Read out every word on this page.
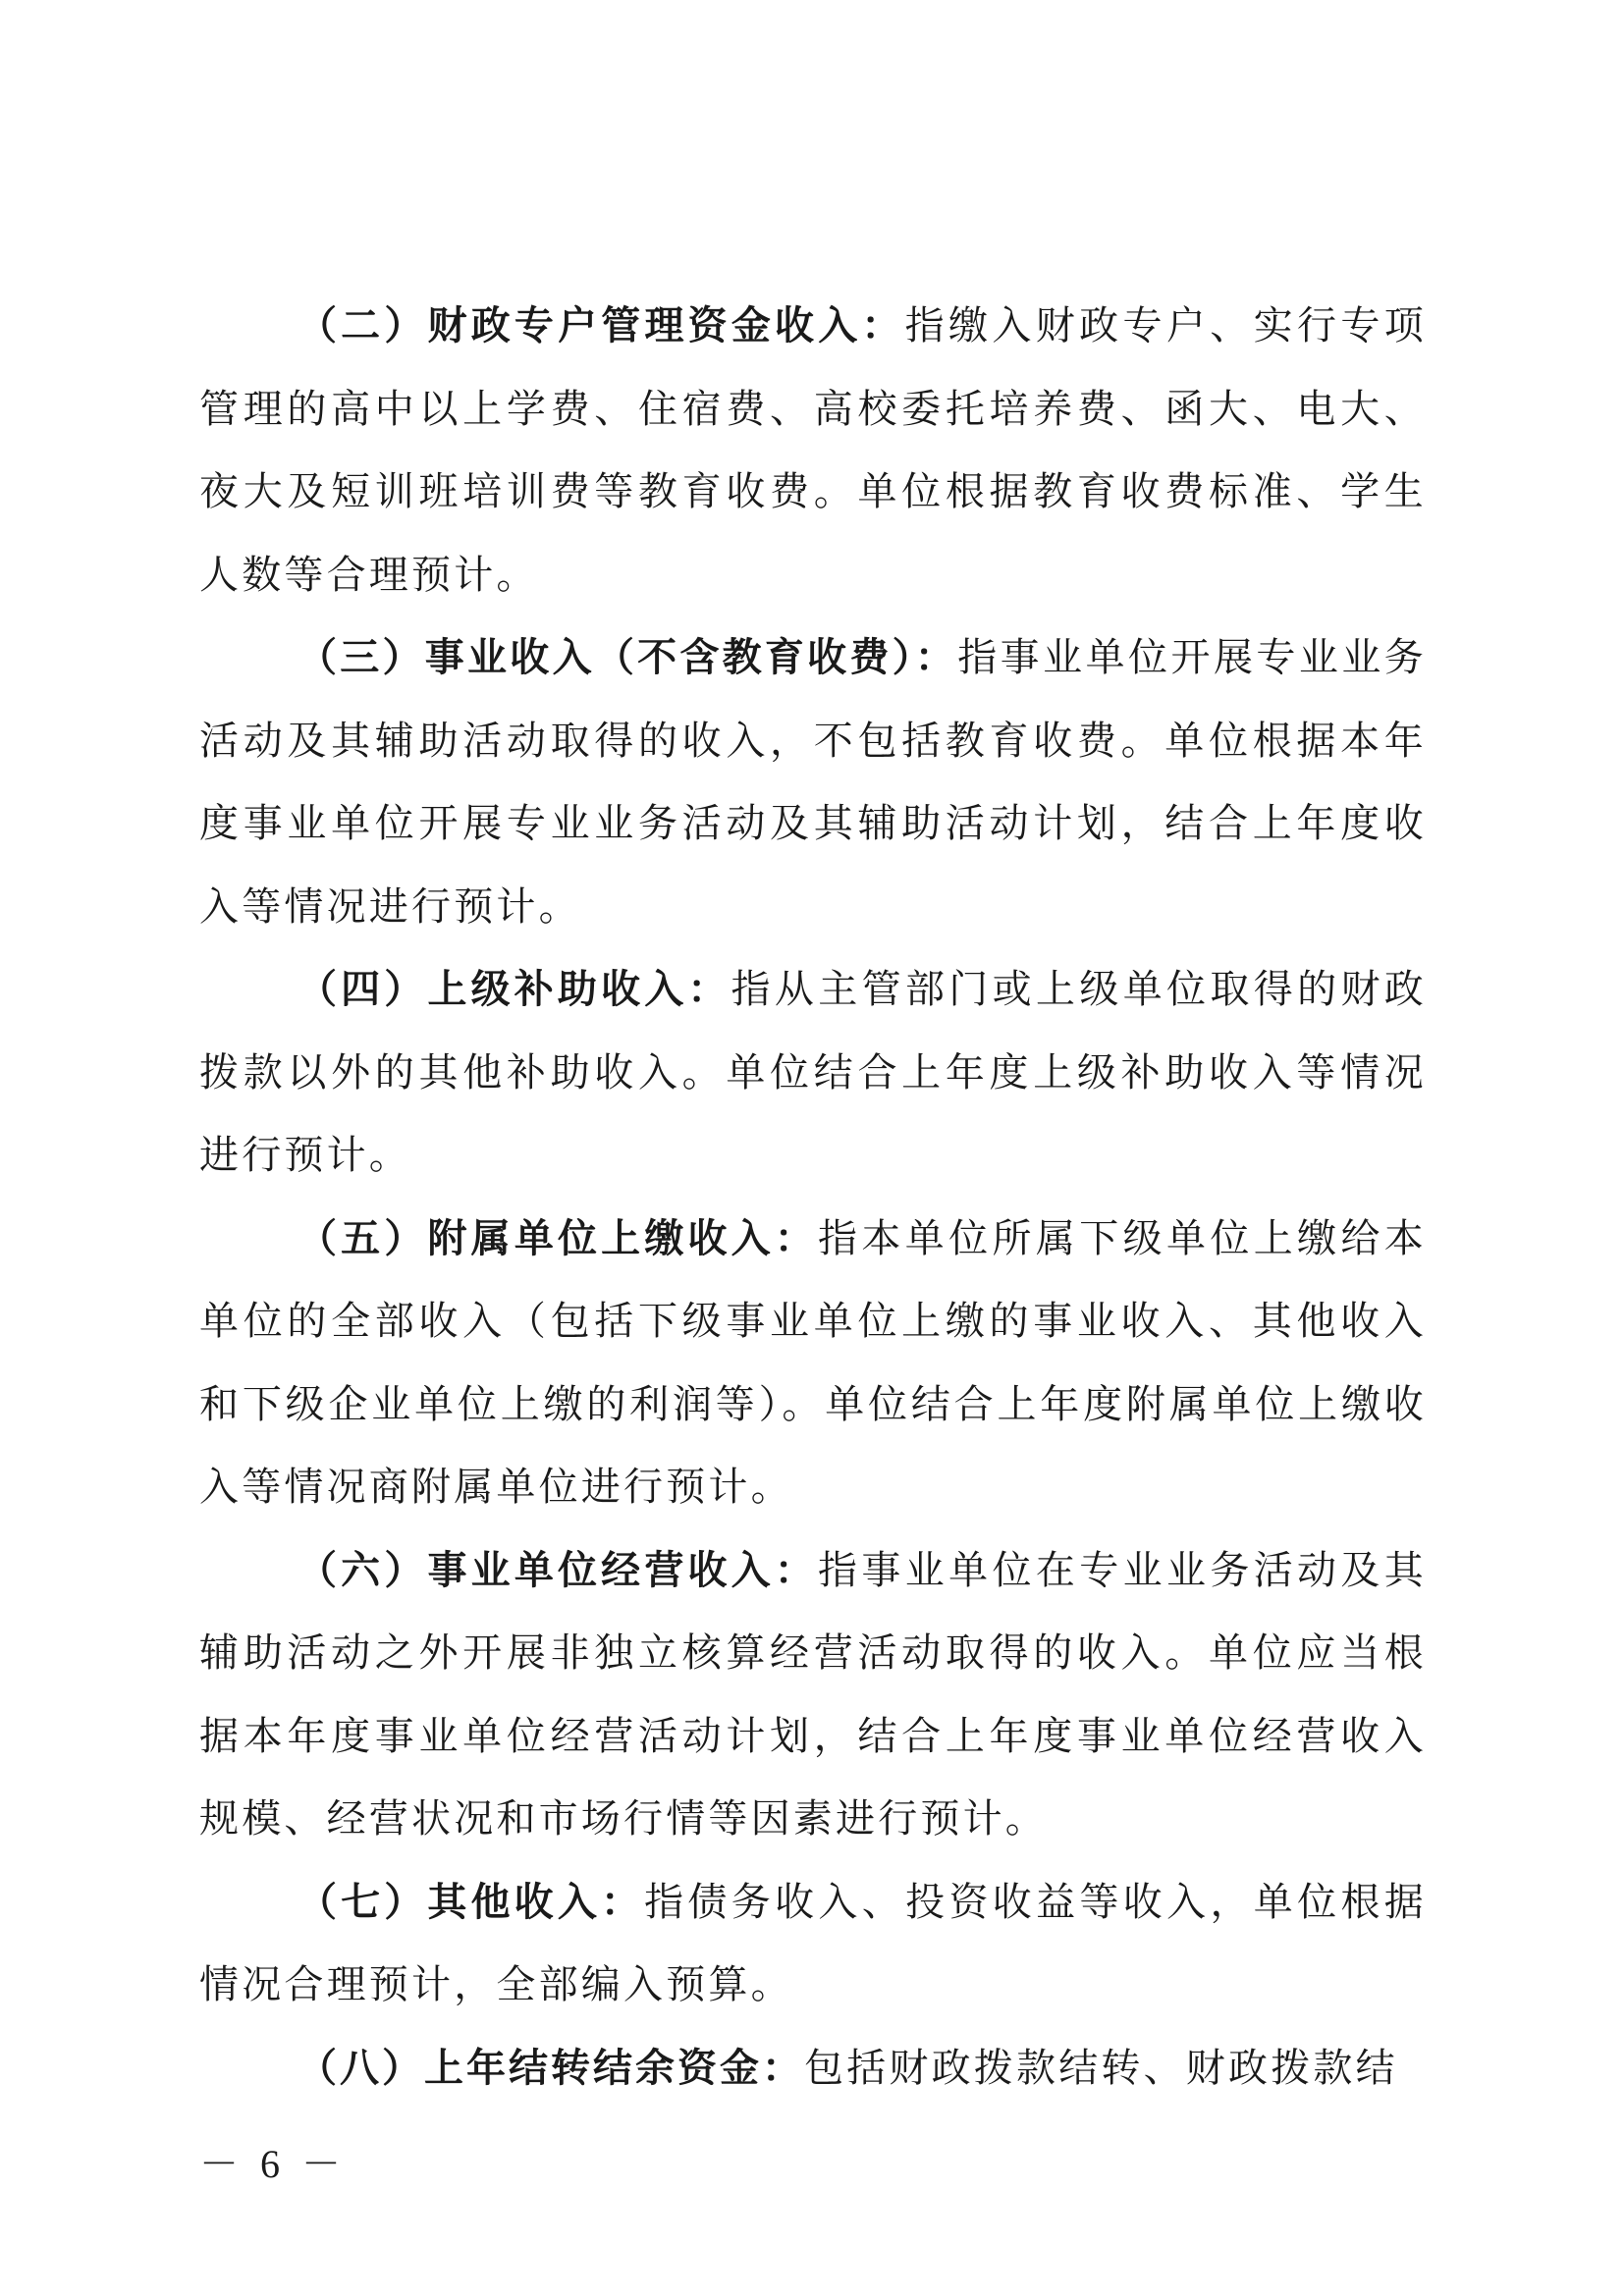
（二）财政专户管理资金收入：指缴入财政专户、实行专项管理的高中以上学费、住宿费、高校委托培养费、函大、电大、夜大及短训班培训费等教育收费。单位根据教育收费标准、学生人数等合理预计。

（三）事业收入（不含教育收费）：指事业单位开展专业业务活动及其辅助活动取得的收入，不包括教育收费。单位根据本年度事业单位开展专业业务活动及其辅助活动计划，结合上年度收入等情况进行预计。

（四）上级补助收入：指从主管部门或上级单位取得的财政拨款以外的其他补助收入。单位结合上年度上级补助收入等情况进行预计。

（五）附属单位上缴收入：指本单位所属下级单位上缴给本单位的全部收入（包括下级事业单位上缴的事业收入、其他收入和下级企业单位上缴的利润等）。单位结合上年度附属单位上缴收入等情况商附属单位进行预计。

（六）事业单位经营收入：指事业单位在专业业务活动及其辅助活动之外开展非独立核算经营活动取得的收入。单位应当根据本年度事业单位经营活动计划，结合上年度事业单位经营收入规模、经营状况和市场行情等因素进行预计。

（七）其他收入：指债务收入、投资收益等收入，单位根据情况合理预计，全部编入预算。

（八）上年结转结余资金：包括财政拨款结转、财政拨款结

－ 6 －
